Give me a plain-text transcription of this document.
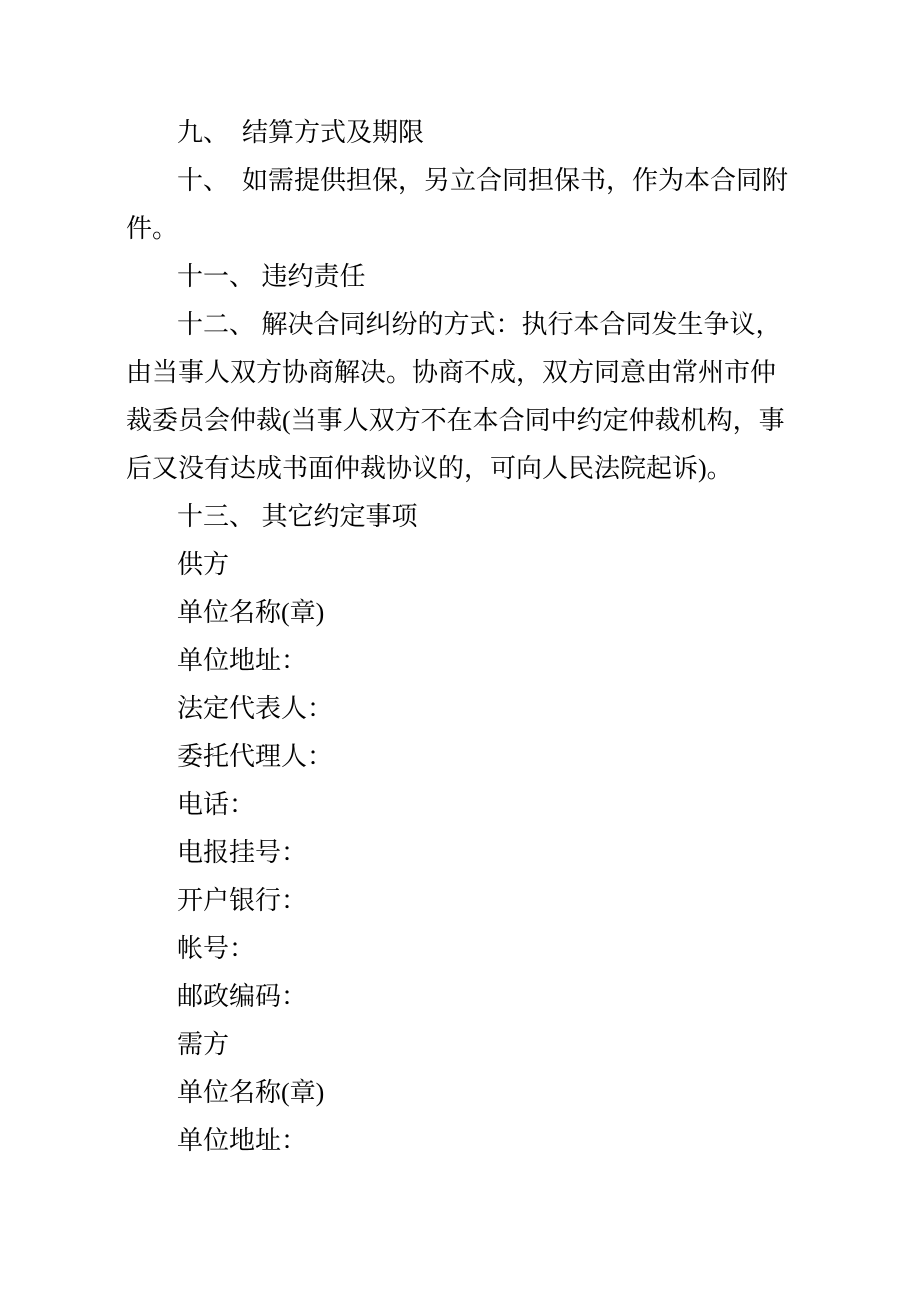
九、　结算方式及期限
十、　如需提供担保，另立合同担保书，作为本合同附
件。
十一、 违约责任
十二、 解决合同纠纷的方式：执行本合同发生争议，
由当事人双方协商解决。协商不成，双方同意由常州市仲
裁委员会仲裁(当事人双方不在本合同中约定仲裁机构，事
后又没有达成书面仲裁协议的，可向人民法院起诉)。
十三、 其它约定事项
供方
单位名称(章)
单位地址：
法定代表人：
委托代理人：
电话：
电报挂号：
开户银行：
帐号：
邮政编码：
需方
单位名称(章)
单位地址：
